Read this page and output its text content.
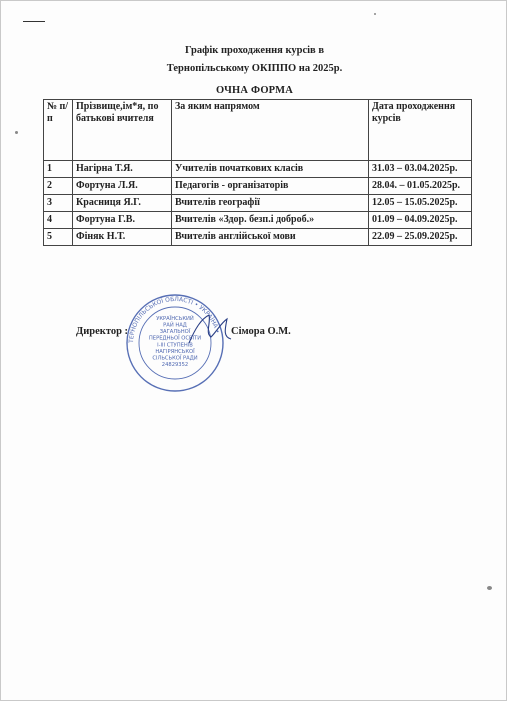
Графік проходження курсів в
Тернопільському ОКІППО на 2025р.
ОЧНА ФОРМА
№ п/п	Прізвище,ім*я, по батькові вчителя	За яким напрямом	Дата проходження курсів
1	Нагірна Т.Я.	Учителів початкових класів	31.03 – 03.04.2025р.
2	Фортуна Л.Я.	Педагогів - організаторів	28.04. – 01.05.2025р.
3	Красниця Я.Г.	Вчителів географії	12.05 – 15.05.2025р.
4	Фортуна Г.В.	Вчителів «Здор. безп.і доброб.»	01.09 – 04.09.2025р.
5	Фіняк Н.Т.	Вчителів англійської мови	22.09 – 25.09.2025р.
Директор :
ТЕРНОПІЛЬСЬКОЇ ОБЛАСТІ • УКРАЇНА •
УКРАЇНСЬКИЙ
РАЙ НАД
ЗАГАЛЬНОЇ
ПЕРЕДНЬОЇ ОСВІТИ
I-III СТУПЕНІВ
НАГІРЯНСЬКОЇ
СІЛЬСЬКОЇ РАДИ
24829352
Сімора О.М.
